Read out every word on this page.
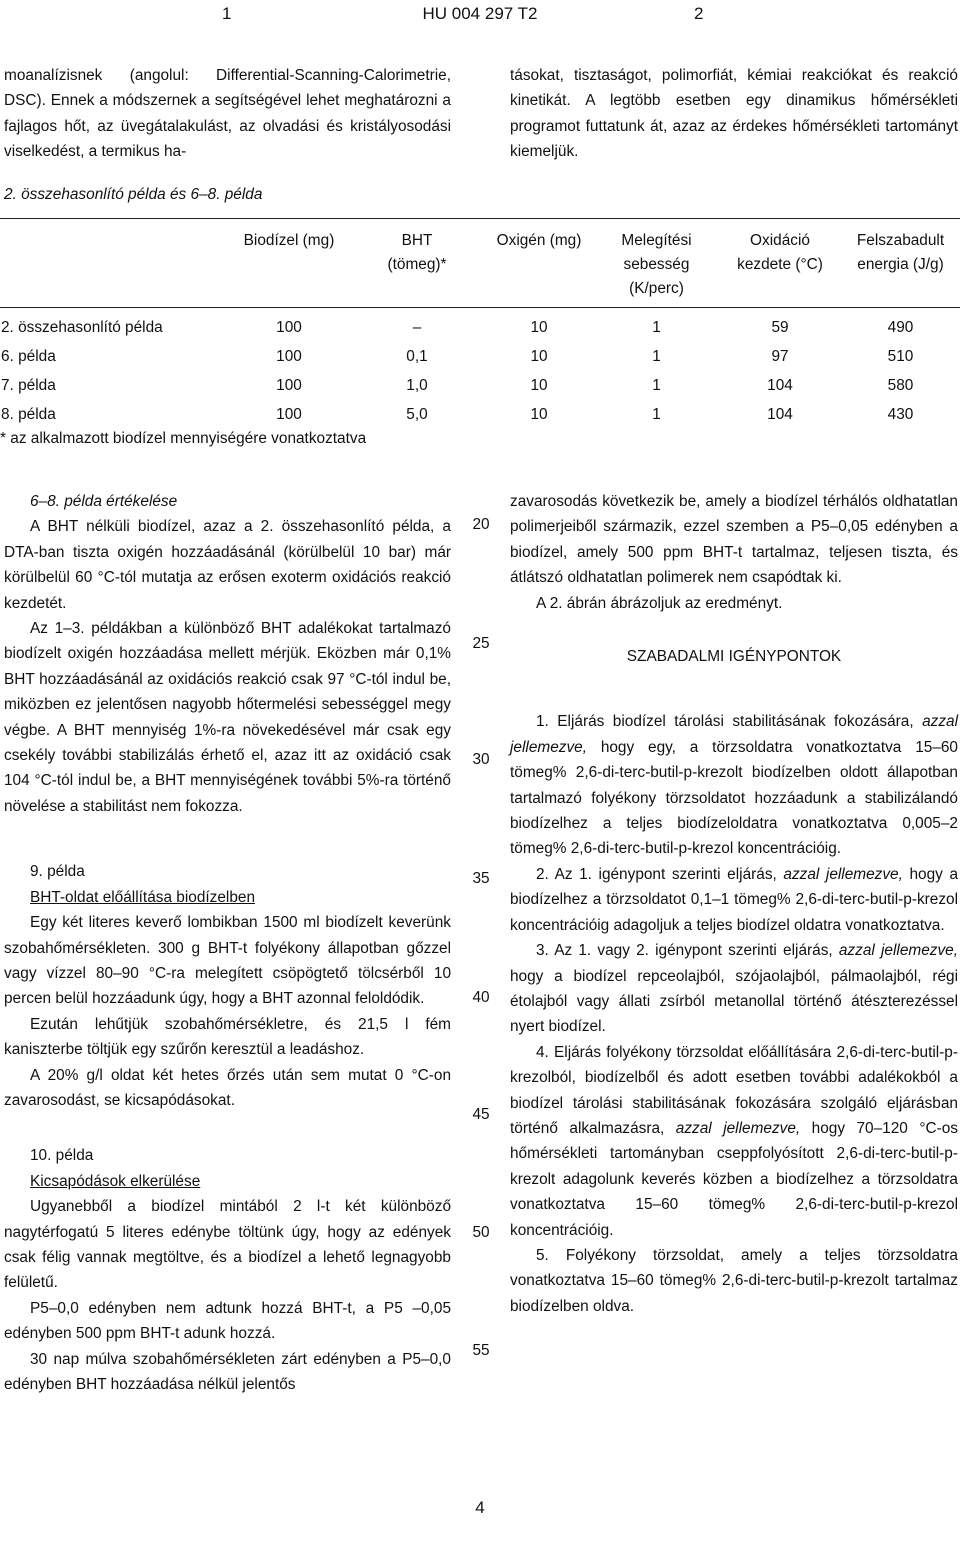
1	HU 004 297 T2	2

moanalízisnek (angolul: Differential-Scanning-Calorimetrie, DSC). Ennek a módszernek a segítségével lehet meghatározni a fajlagos hőt, az üvegátalakulást, az olvadási és kristályosodási viselkedést, a termikus ha-

tásokat, tisztaságot, polimorfiát, kémiai reakciókat és reakció kinetikát. A legtöbb esetben egy dinamikus hőmérsékleti programot futtatunk át, azaz az érdekes hőmérsékleti tartományt kiemeljük.

2. összehasonlító példa és 6–8. példa
	Biodízel (mg)	BHT (tömeg)*	Oxigén (mg)	Melegítési sebesség (K/perc)	Oxidáció kezdete (°C)	Felszabadult energia (J/g)
2. összehasonlító példa	100	–	10	1	59	490
6. példa	100	0,1	10	1	97	510
7. példa	100	1,0	10	1	104	580
8. példa	100	5,0	10	1	104	430
* az alkalmazott biodízel mennyiségére vonatkoztatva

6–8. példa értékelése

A BHT nélküli biodízel, azaz a 2. összehasonlító példa, a DTA-ban tiszta oxigén hozzáadásánál (körülbelül 10 bar) már körülbelül 60 °C-tól mutatja az erősen exoterm oxidációs reakció kezdetét.

Az 1–3. példákban a különböző BHT adalékokat tartalmazó biodízelt oxigén hozzáadása mellett mérjük. Eközben már 0,1% BHT hozzáadásánál az oxidációs reakció csak 97 °C-tól indul be, miközben ez jelentősen nagyobb hőtermelési sebességgel megy végbe. A BHT mennyiség 1%-ra növekedésével már csak egy csekély további stabilizálás érhető el, azaz itt az oxidáció csak 104 °C-tól indul be, a BHT mennyiségének további 5%-ra történő növelése a stabilitást nem fokozza.

9. példa

BHT-oldat előállítása biodízelben

Egy két literes keverő lombikban 1500 ml biodízelt keverünk szobahőmérsékleten. 300 g BHT-t folyékony állapotban gőzzel vagy vízzel 80–90 °C-ra melegített csöpögtető tölcsérből 10 percen belül hozzáadunk úgy, hogy a BHT azonnal feloldódik.

Ezután lehűtjük szobahőmérsékletre, és 21,5 l fém kaniszterbe töltjük egy szűrőn keresztül a leadáshoz.

A 20% g/l oldat két hetes őrzés után sem mutat 0 °C-on zavarosodást, se kicsapódásokat.

10. példa

Kicsapódások elkerülése

Ugyanebből a biodízel mintából 2 l-t két különböző nagytérfogatú 5 literes edénybe töltünk úgy, hogy az edények csak félig vannak megtöltve, és a biodízel a lehető legnagyobb felületű.

P5–0,0 edényben nem adtunk hozzá BHT-t, a P5 –0,05 edényben 500 ppm BHT-t adunk hozzá.

30 nap múlva szobahőmérsékleten zárt edényben a P5–0,0 edényben BHT hozzáadása nélkül jelentős

20
25
30
35
40
45
50
55

zavarosodás következik be, amely a biodízel térhálós oldhatatlan polimerjeiből származik, ezzel szemben a P5–0,05 edényben a biodízel, amely 500 ppm BHT-t tartalmaz, teljesen tiszta, és átlátszó oldhatatlan polimerek nem csapódtak ki.

A 2. ábrán ábrázoljuk az eredményt.

SZABADALMI IGÉNYPONTOK

1. Eljárás biodízel tárolási stabilitásának fokozására, azzal jellemezve, hogy egy, a törzsoldatra vonatkoztatva 15–60 tömeg% 2,6-di-terc-butil-p-krezolt biodízelben oldott állapotban tartalmazó folyékony törzsoldatot hozzáadunk a stabilizálandó biodízelhez a teljes biodízeloldatra vonatkoztatva 0,005–2 tömeg% 2,6-di-terc-butil-p-krezol koncentrációig.

2. Az 1. igénypont szerinti eljárás, azzal jellemezve, hogy a biodízelhez a törzsoldatot 0,1–1 tömeg% 2,6-di-terc-butil-p-krezol koncentrációig adagoljuk a teljes biodízel oldatra vonatkoztatva.

3. Az 1. vagy 2. igénypont szerinti eljárás, azzal jellemezve, hogy a biodízel repceolajból, szójaolajból, pálmaolajból, régi étolajból vagy állati zsírból metanollal történő átészterezéssel nyert biodízel.

4. Eljárás folyékony törzsoldat előállítására 2,6-di-terc-butil-p-krezolból, biodízelből és adott esetben további adalékokból a biodízel tárolási stabilitásának fokozására szolgáló eljárásban történő alkalmazásra, azzal jellemezve, hogy 70–120 °C-os hőmérsékleti tartományban cseppfolyósított 2,6-di-terc-butil-p-krezolt adagolunk keverés közben a biodízelhez a törzsoldatra vonatkoztatva 15–60 tömeg% 2,6-di-terc-butil-p-krezol koncentrációig.

5. Folyékony törzsoldat, amely a teljes törzsoldatra vonatkoztatva 15–60 tömeg% 2,6-di-terc-butil-p-krezolt tartalmaz biodízelben oldva.

4
